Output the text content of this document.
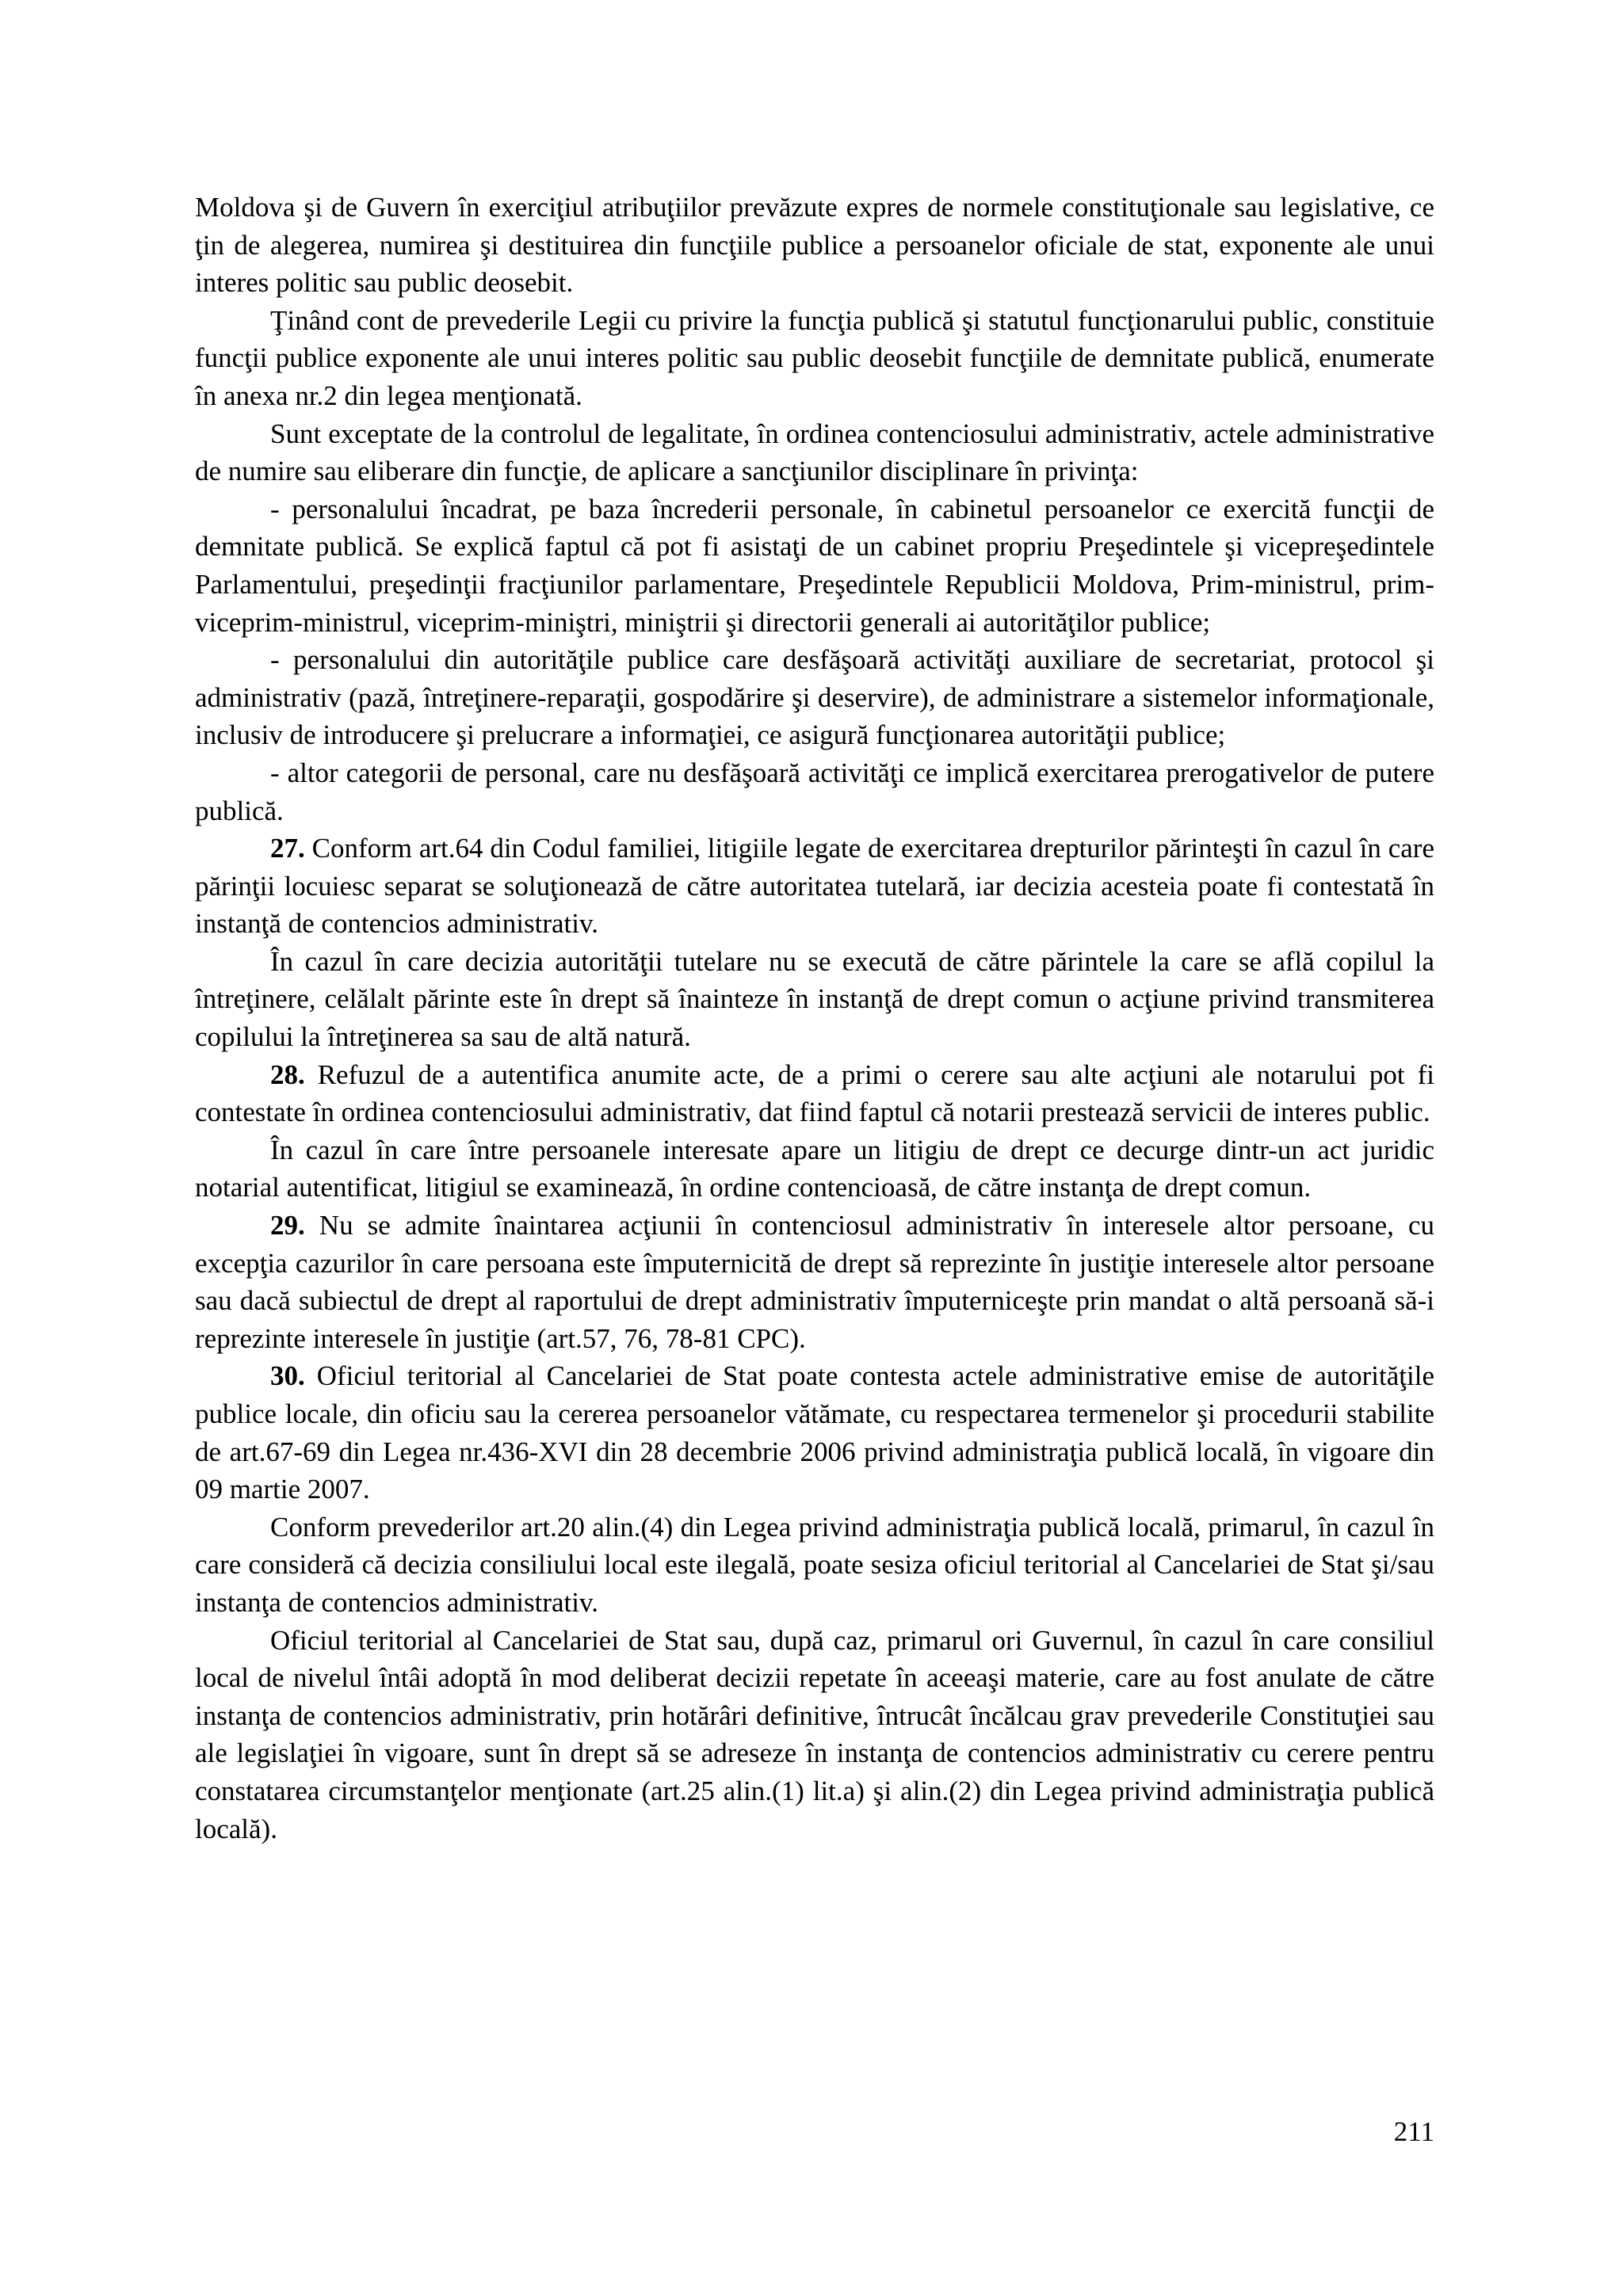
Moldova şi de Guvern în exerciţiul atribuţiilor prevăzute expres de normele constituţionale sau legislative, ce ţin de alegerea, numirea şi destituirea din funcţiile publice a persoanelor oficiale de stat, exponente ale unui interes politic sau public deosebit.

Ţinând cont de prevederile Legii cu privire la funcţia publică şi statutul funcţionarului public, constituie funcţii publice exponente ale unui interes politic sau public deosebit funcţiile de demnitate publică, enumerate în anexa nr.2 din legea menţionată.

Sunt exceptate de la controlul de legalitate, în ordinea contenciosului administrativ, actele administrative de numire sau eliberare din funcţie, de aplicare a sancţiunilor disciplinare în privinţa:

- personalului încadrat, pe baza încrederii personale, în cabinetul persoanelor ce exercită funcţii de demnitate publică. Se explică faptul că pot fi asistaţi de un cabinet propriu Preşedintele şi vicepreşedintele Parlamentului, preşedinţii fracţiunilor parlamentare, Preşedintele Republicii Moldova, Prim-ministrul, prim-viceprim-ministrul, viceprim-miniştri, miniştrii şi directorii generali ai autorităţilor publice;

- personalului din autorităţile publice care desfăşoară activităţi auxiliare de secretariat, protocol şi administrativ (pază, întreţinere-reparaţii, gospodărire şi deservire), de administrare a sistemelor informaţionale, inclusiv de introducere şi prelucrare a informaţiei, ce asigură funcţionarea autorităţii publice;

- altor categorii de personal, care nu desfăşoară activităţi ce implică exercitarea prerogativelor de putere publică.

27. Conform art.64 din Codul familiei, litigiile legate de exercitarea drepturilor părinteşti în cazul în care părinţii locuiesc separat se soluţionează de către autoritatea tutelară, iar decizia acesteia poate fi contestată în instanţă de contencios administrativ.

În cazul în care decizia autorităţii tutelare nu se execută de către părintele la care se află copilul la întreţinere, celălalt părinte este în drept să înainteze în instanţă de drept comun o acţiune privind transmiterea copilului la întreţinerea sa sau de altă natură.

28. Refuzul de a autentifica anumite acte, de a primi o cerere sau alte acţiuni ale notarului pot fi contestate în ordinea contenciosului administrativ, dat fiind faptul că notarii prestează servicii de interes public.

În cazul în care între persoanele interesate apare un litigiu de drept ce decurge dintr-un act juridic notarial autentificat, litigiul se examinează, în ordine contencioasă, de către instanţa de drept comun.

29. Nu se admite înaintarea acţiunii în contenciosul administrativ în interesele altor persoane, cu excepţia cazurilor în care persoana este împuternicită de drept să reprezinte în justiţie interesele altor persoane sau dacă subiectul de drept al raportului de drept administrativ împuterniceşte prin mandat o altă persoană să-i reprezinte interesele în justiţie (art.57, 76, 78-81 CPC).

30. Oficiul teritorial al Cancelariei de Stat poate contesta actele administrative emise de autorităţile publice locale, din oficiu sau la cererea persoanelor vătămate, cu respectarea termenelor şi procedurii stabilite de art.67-69 din Legea nr.436-XVI din 28 decembrie 2006 privind administraţia publică locală, în vigoare din 09 martie 2007.

Conform prevederilor art.20 alin.(4) din Legea privind administraţia publică locală, primarul, în cazul în care consideră că decizia consiliului local este ilegală, poate sesiza oficiul teritorial al Cancelariei de Stat şi/sau instanţa de contencios administrativ.

Oficiul teritorial al Cancelariei de Stat sau, după caz, primarul ori Guvernul, în cazul în care consiliul local de nivelul întâi adoptă în mod deliberat decizii repetate în aceeaşi materie, care au fost anulate de către instanţa de contencios administrativ, prin hotărâri definitive, întrucât încălcau grav prevederile Constituţiei sau ale legislaţiei în vigoare, sunt în drept să se adreseze în instanţa de contencios administrativ cu cerere pentru constatarea circumstanţelor menţionate (art.25 alin.(1) lit.a) şi alin.(2) din Legea privind administraţia publică locală).

211
